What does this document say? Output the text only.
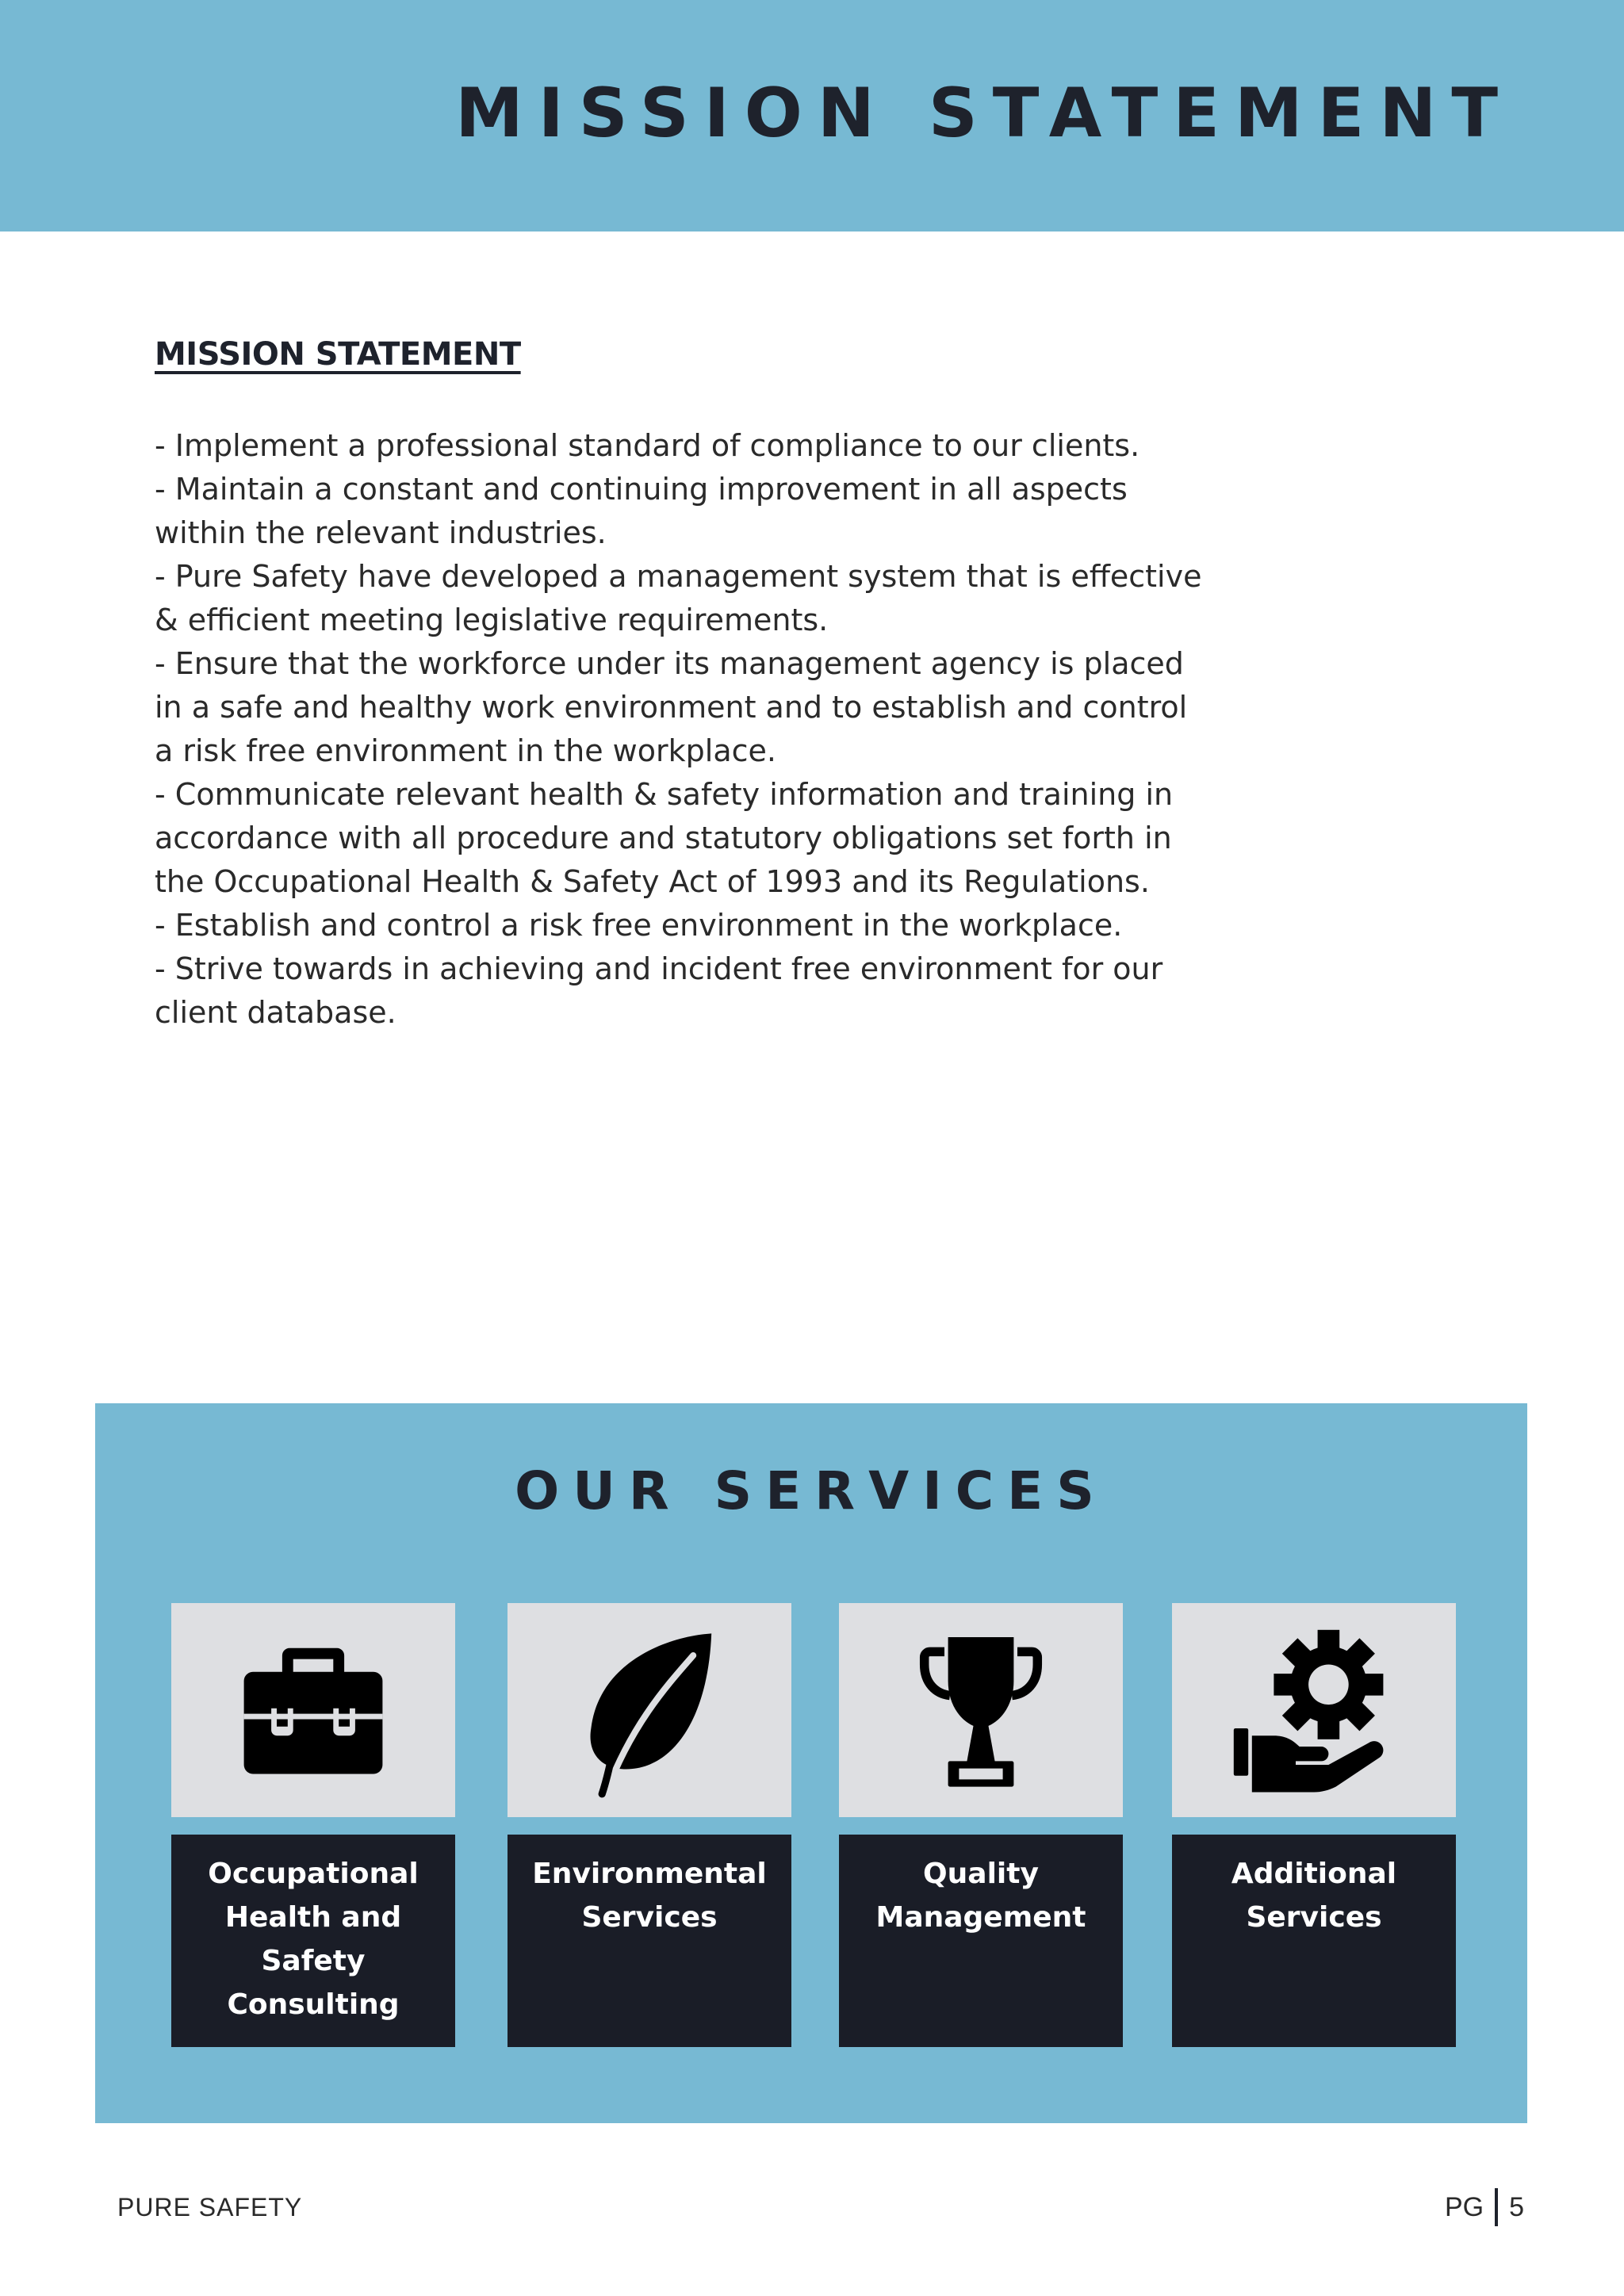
MISSION STATEMENT
MISSION STATEMENT
- Implement a professional standard of compliance to our clients.
- Maintain a constant and continuing improvement in all aspects
within the relevant industries.
- Pure Safety have developed a management system that is effective
& efficient meeting legislative requirements.
- Ensure that the workforce under its management agency is placed
in a safe and healthy work environment and to establish and control
a risk free environment in the workplace.
- Communicate relevant health & safety information and training in
accordance with all procedure and statutory obligations set forth in
the Occupational Health & Safety Act of 1993 and its Regulations.
- Establish and control a risk free environment in the workplace.
- Strive towards in achieving and incident free environment for our
client database.
OUR SERVICES
Occupational
Health and
Safety Consulting
Environmental
Services
Quality
Management
Additional
Services
PURE SAFETY	PG 5
